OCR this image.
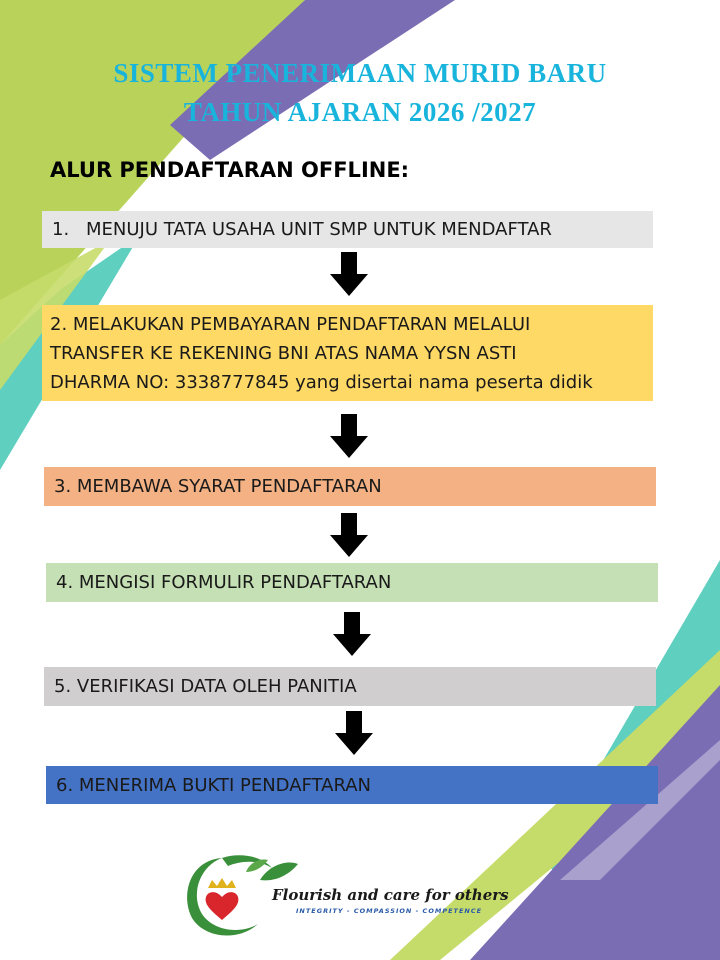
SISTEM PENERIMAAN MURID BARU
TAHUN AJARAN 2026 /2027
ALUR PENDAFTARAN OFFLINE:
1. MENUJU TATA USAHA UNIT SMP UNTUK MENDAFTAR
2. MELAKUKAN PEMBAYARAN PENDAFTARAN MELALUI
TRANSFER KE REKENING BNI ATAS NAMA YYSN ASTI
DHARMA NO: 3338777845 yang disertai nama peserta didik
3. MEMBAWA SYARAT PENDAFTARAN
4. MENGISI FORMULIR PENDAFTARAN
5. VERIFIKASI DATA OLEH PANITIA
6. MENERIMA BUKTI PENDAFTARAN
Flourish and care for others
INTEGRITY - COMPASSION - COMPETENCE
